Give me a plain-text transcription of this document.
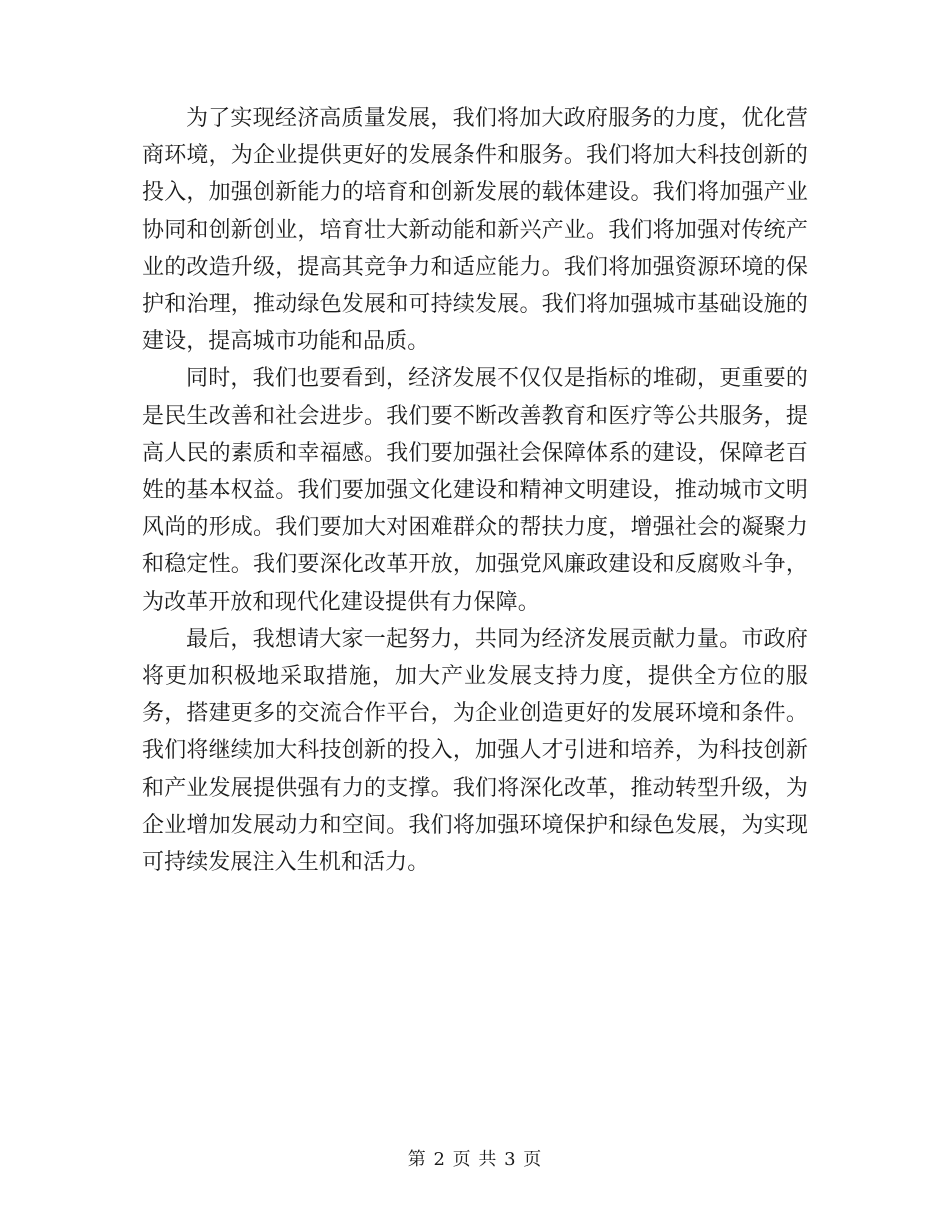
为了实现经济高质量发展，我们将加大政府服务的力度，优化营商环境，为企业提供更好的发展条件和服务。我们将加大科技创新的投入，加强创新能力的培育和创新发展的载体建设。我们将加强产业协同和创新创业，培育壮大新动能和新兴产业。我们将加强对传统产业的改造升级，提高其竞争力和适应能力。我们将加强资源环境的保护和治理，推动绿色发展和可持续发展。我们将加强城市基础设施的建设，提高城市功能和品质。

同时，我们也要看到，经济发展不仅仅是指标的堆砌，更重要的是民生改善和社会进步。我们要不断改善教育和医疗等公共服务，提高人民的素质和幸福感。我们要加强社会保障体系的建设，保障老百姓的基本权益。我们要加强文化建设和精神文明建设，推动城市文明风尚的形成。我们要加大对困难群众的帮扶力度，增强社会的凝聚力和稳定性。我们要深化改革开放，加强党风廉政建设和反腐败斗争，为改革开放和现代化建设提供有力保障。

最后，我想请大家一起努力，共同为经济发展贡献力量。市政府将更加积极地采取措施，加大产业发展支持力度，提供全方位的服务，搭建更多的交流合作平台，为企业创造更好的发展环境和条件。我们将继续加大科技创新的投入，加强人才引进和培养，为科技创新和产业发展提供强有力的支撑。我们将深化改革，推动转型升级，为企业增加发展动力和空间。我们将加强环境保护和绿色发展，为实现可持续发展注入生机和活力。

第 2 页 共 3 页
